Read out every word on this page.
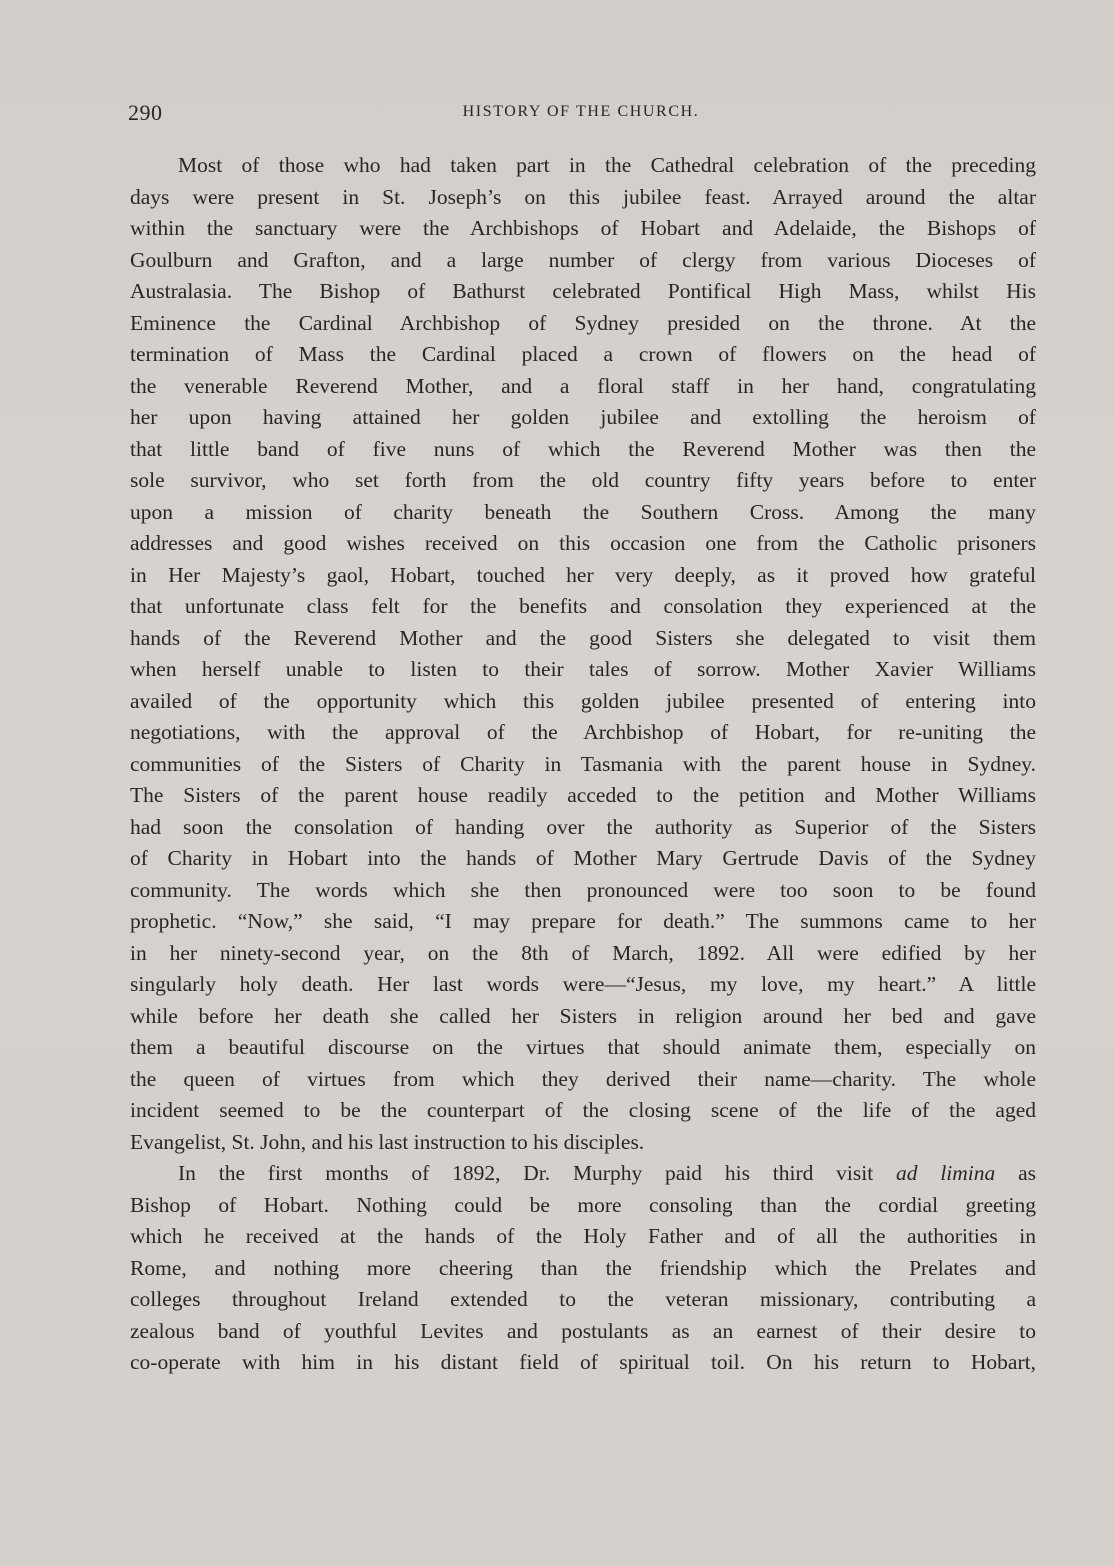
290	HISTORY OF THE CHURCH.
Most of those who had taken part in the Cathedral celebration of the preceding
days were present in St. Joseph’s on this jubilee feast. Arrayed around the altar
within the sanctuary were the Archbishops of Hobart and Adelaide, the Bishops of
Goulburn and Grafton, and a large number of clergy from various Dioceses of
Australasia. The Bishop of Bathurst celebrated Pontifical High Mass, whilst His
Eminence the Cardinal Archbishop of Sydney presided on the throne. At the
termination of Mass the Cardinal placed a crown of flowers on the head of
the venerable Reverend Mother, and a floral staff in her hand, congratulating
her upon having attained her golden jubilee and extolling the heroism of
that little band of five nuns of which the Reverend Mother was then the
sole survivor, who set forth from the old country fifty years before to enter
upon a mission of charity beneath the Southern Cross. Among the many
addresses and good wishes received on this occasion one from the Catholic prisoners
in Her Majesty’s gaol, Hobart, touched her very deeply, as it proved how grateful
that unfortunate class felt for the benefits and consolation they experienced at the
hands of the Reverend Mother and the good Sisters she delegated to visit them
when herself unable to listen to their tales of sorrow. Mother Xavier Williams
availed of the opportunity which this golden jubilee presented of entering into
negotiations, with the approval of the Archbishop of Hobart, for re-uniting the
communities of the Sisters of Charity in Tasmania with the parent house in Sydney.
The Sisters of the parent house readily acceded to the petition and Mother Williams
had soon the consolation of handing over the authority as Superior of the Sisters
of Charity in Hobart into the hands of Mother Mary Gertrude Davis of the Sydney
community. The words which she then pronounced were too soon to be found
prophetic. “Now,” she said, “I may prepare for death.” The summons came to her
in her ninety-second year, on the 8th of March, 1892. All were edified by her
singularly holy death. Her last words were—“Jesus, my love, my heart.” A little
while before her death she called her Sisters in religion around her bed and gave
them a beautiful discourse on the virtues that should animate them, especially on
the queen of virtues from which they derived their name—charity. The whole
incident seemed to be the counterpart of the closing scene of the life of the aged
Evangelist, St. John, and his last instruction to his disciples.
In the first months of 1892, Dr. Murphy paid his third visit ad limina as
Bishop of Hobart. Nothing could be more consoling than the cordial greeting
which he received at the hands of the Holy Father and of all the authorities in
Rome, and nothing more cheering than the friendship which the Prelates and
colleges throughout Ireland extended to the veteran missionary, contributing a
zealous band of youthful Levites and postulants as an earnest of their desire to
co-operate with him in his distant field of spiritual toil. On his return to Hobart,
